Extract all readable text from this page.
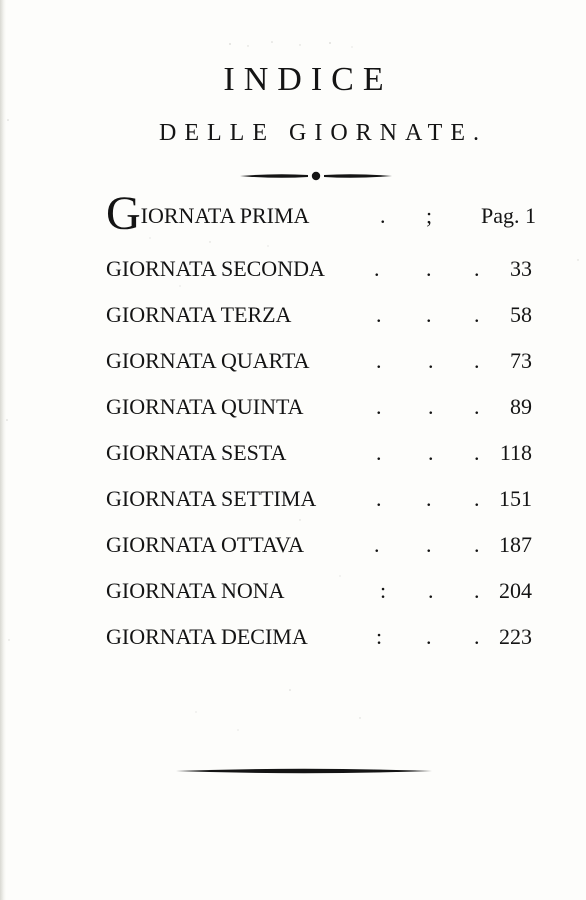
INDICE
DELLE GIORNATE.
GIORNATA PRIMA	. ; Pag. 1
GIORNATA SECONDA . . . 33
GIORNATA TERZA	. . . 58
GIORNATA QUARTA	. . . 73
GIORNATA QUINTA	. . . 89
GIORNATA SESTA	. . . 118
GIORNATA SETTIMA	. . . 151
GIORNATA OTTAVA	. . . 187
GIORNATA NONA	: . . 204
GIORNATA DECIMA	: . . 223
